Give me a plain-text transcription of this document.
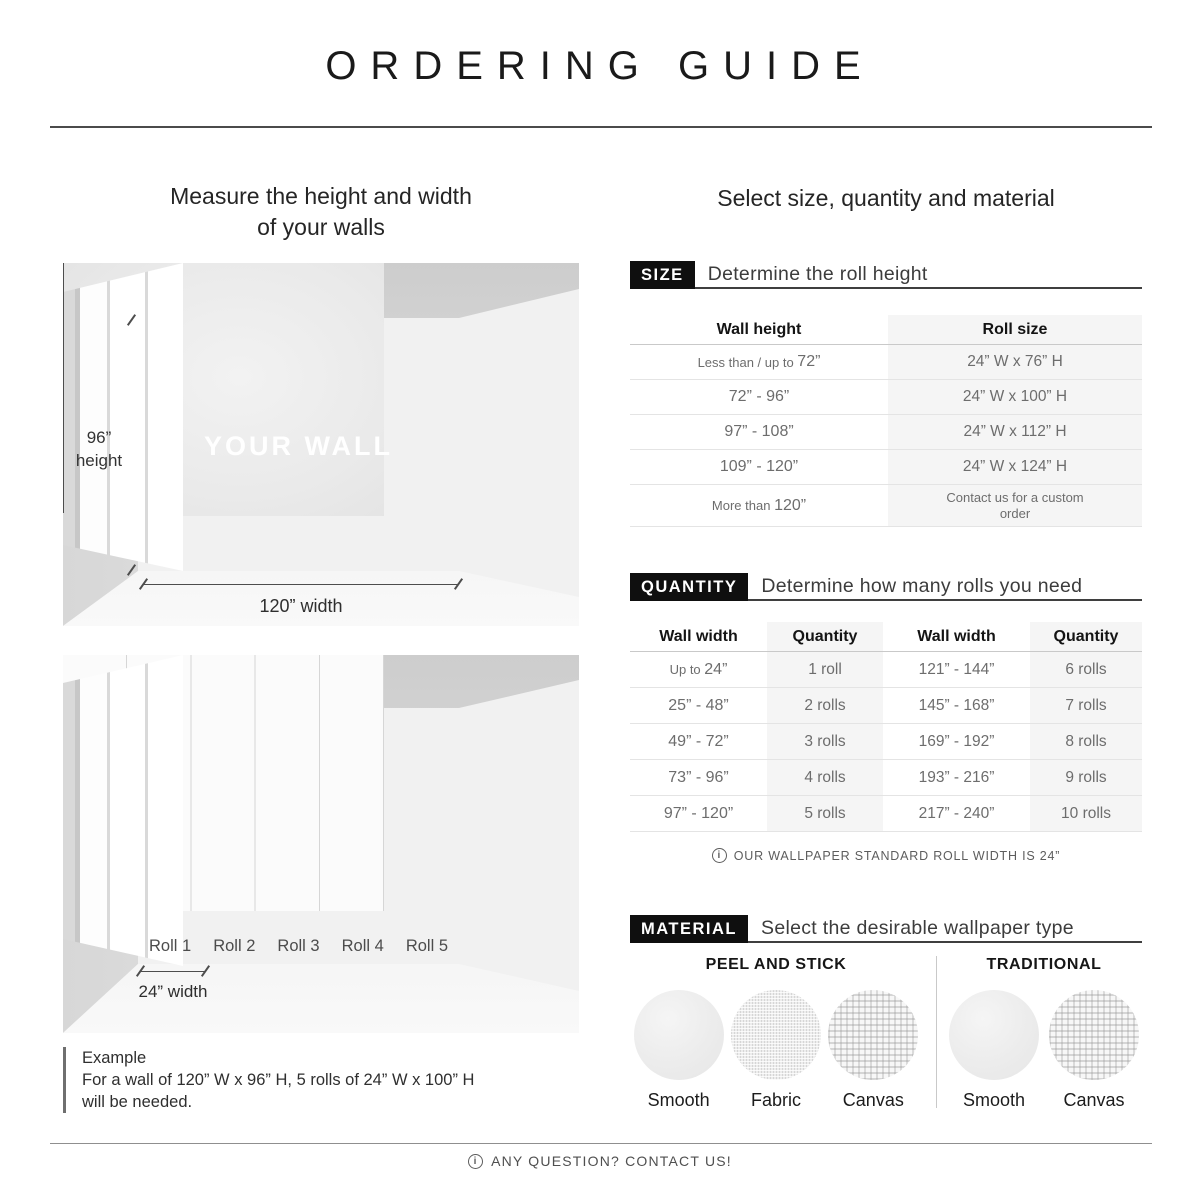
ORDERING GUIDE
Measure the height and width
of your walls
Select size, quantity and material
YOUR WALL
96”
height
120” width
Roll 1	Roll 2	Roll 3	Roll 4	Roll 5
24” width
Example
For a wall of 120” W x 96” H, 5 rolls of 24” W x 100” H
will be needed.
SIZE	Determine the roll height
Wall height	Roll size
Less than / up to 72”	24” W x 76” H
72” - 96”	24” W x 100” H
97” - 108”	24” W x 112” H
109” - 120”	24” W x 124” H
More than 120”	Contact us for a custom order
QUANTITY	Determine how many rolls you need
Wall width	Quantity	Wall width	Quantity
Up to 24”	1 roll	121” - 144”	6 rolls
25” - 48”	2 rolls	145” - 168”	7 rolls
49” - 72”	3 rolls	169” - 192”	8 rolls
73” - 96”	4 rolls	193” - 216”	9 rolls
97” - 120”	5 rolls	217” - 240”	10 rolls
i
OUR WALLPAPER STANDARD ROLL WIDTH IS 24”
MATERIAL	Select the desirable wallpaper type
PEEL AND STICK
Smooth	Fabric	Canvas
TRADITIONAL
Smooth	Canvas
i
ANY QUESTION? CONTACT US!
